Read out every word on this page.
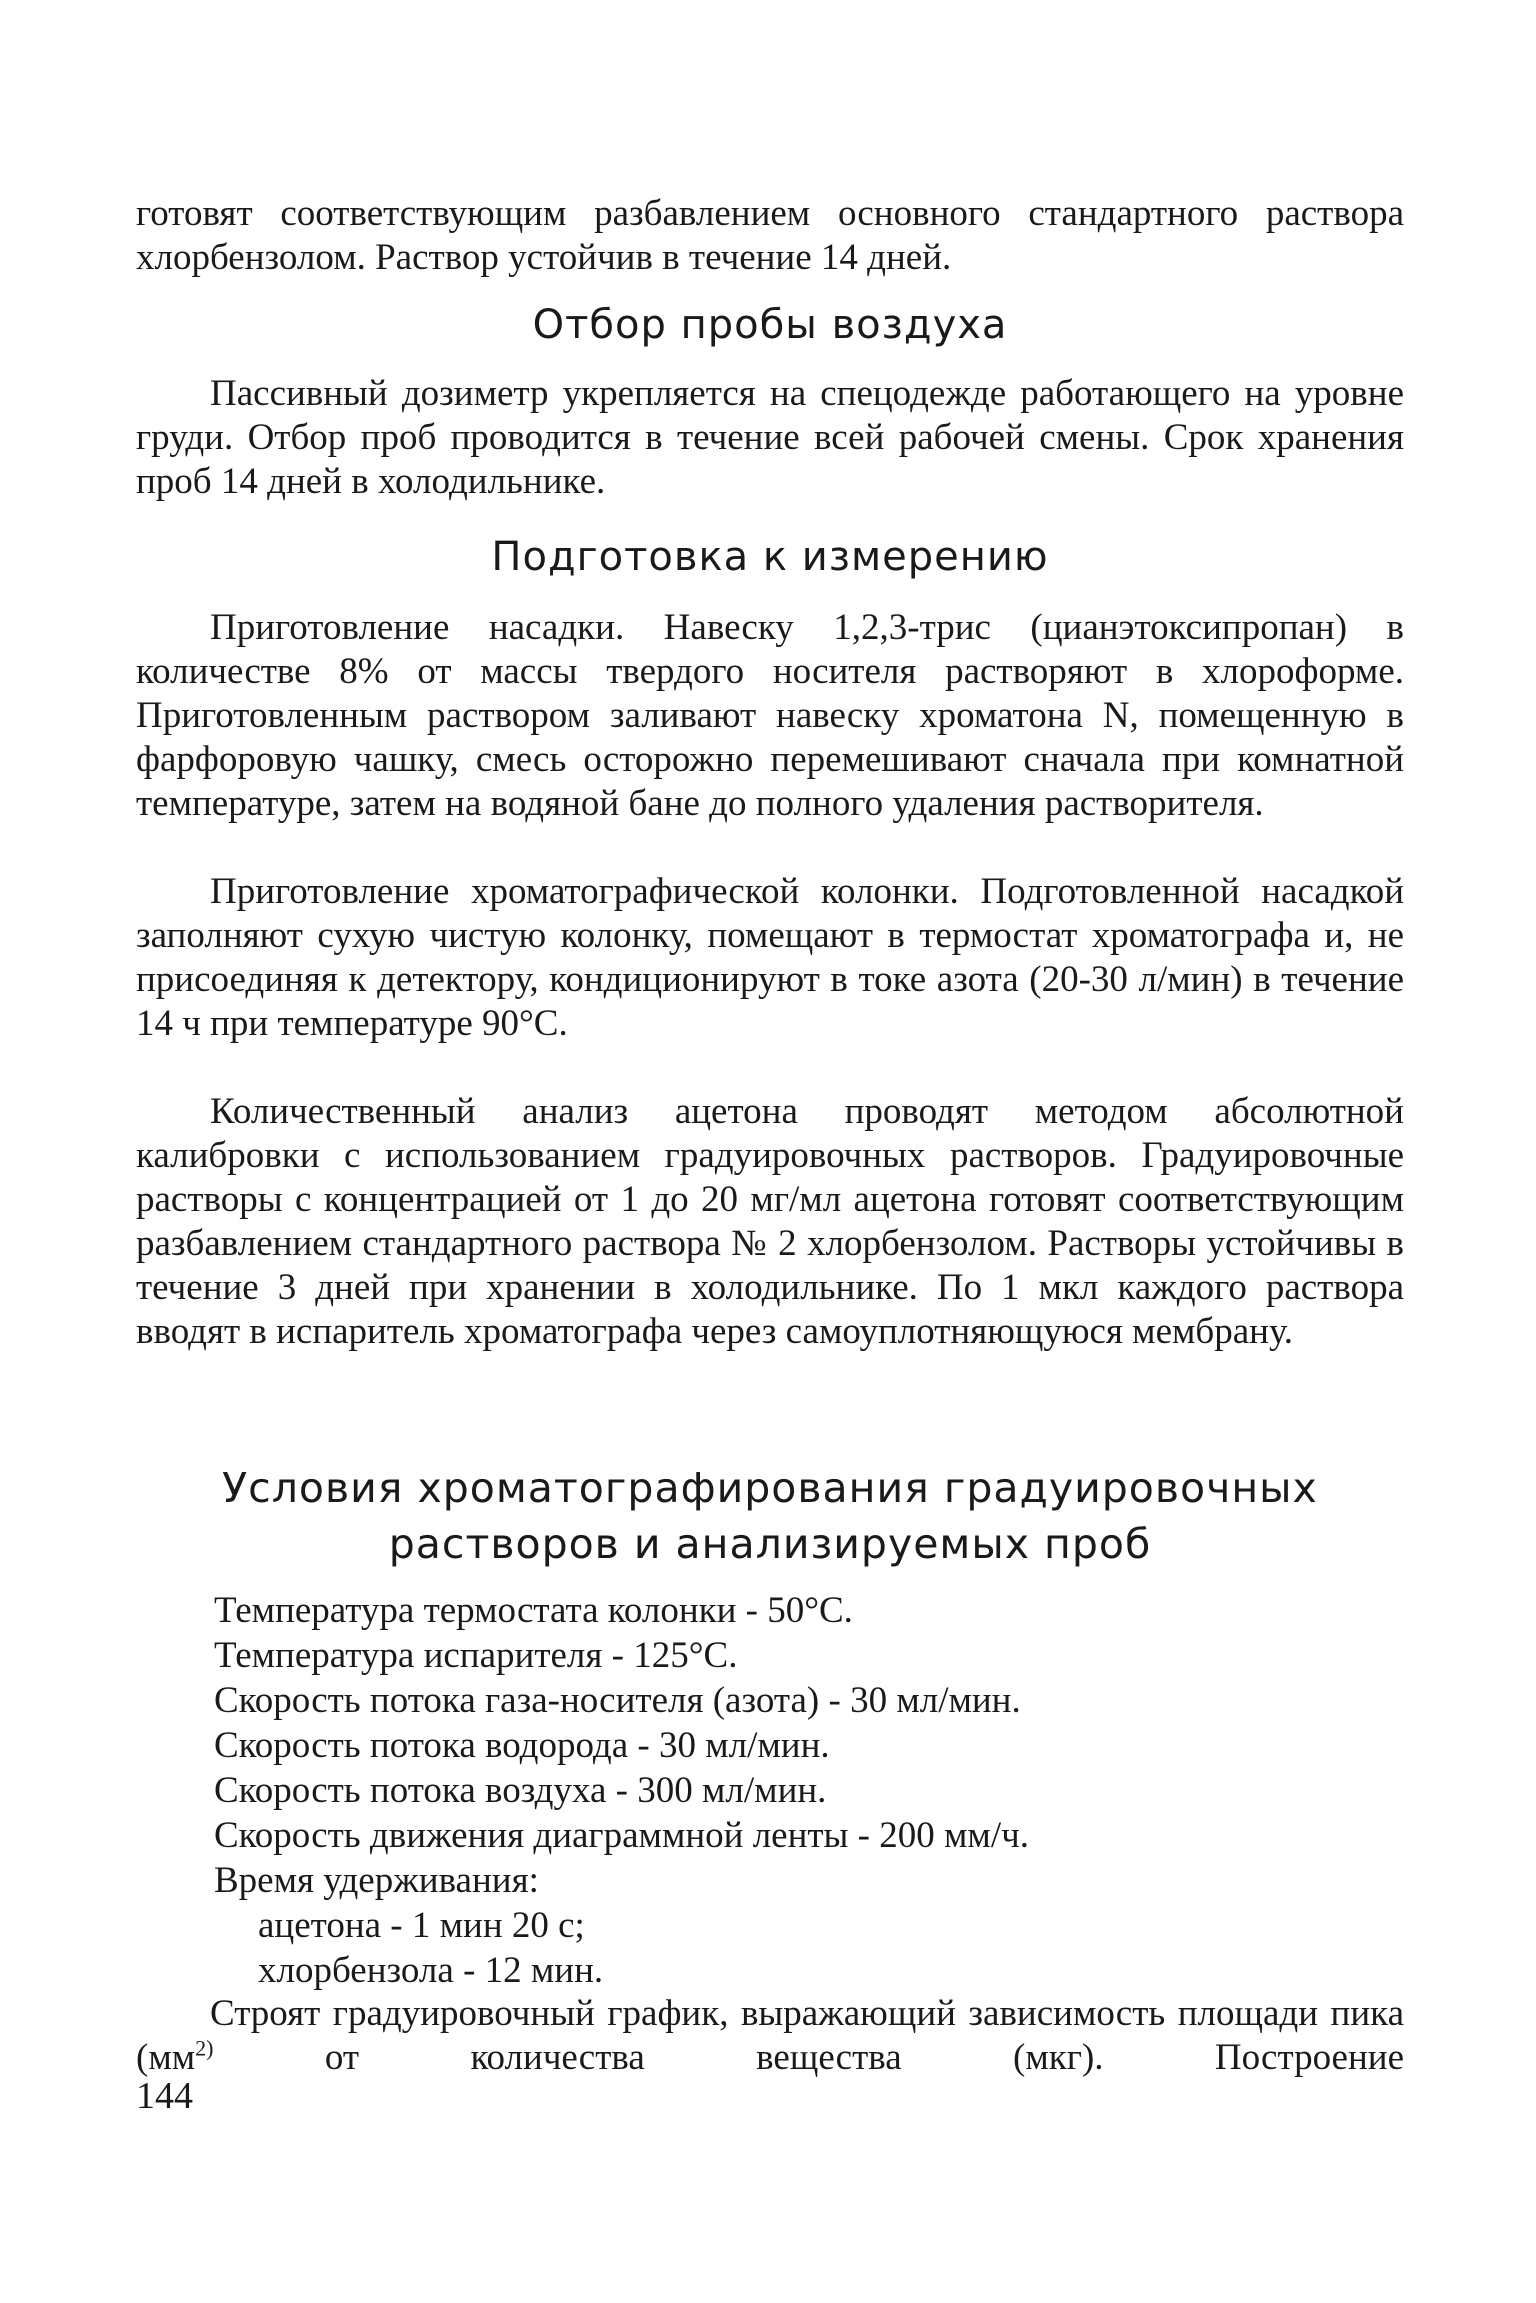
готовят соответствующим разбавлением основного стандартного раствора хлорбензолом. Раствор устойчив в течение 14 дней.

Отбор пробы воздуха

Пассивный дозиметр укрепляется на спецодежде работающего на уровне груди. Отбор проб проводится в течение всей рабочей смены. Срок хранения проб 14 дней в холодильнике.

Подготовка к измерению

Приготовление насадки. Навеску 1,2,3-трис (цианэтоксипропан) в количестве 8% от массы твердого носителя растворяют в хлороформе. Приготовленным раствором заливают навеску хроматона N, помещенную в фарфоровую чашку, смесь осторожно перемешивают сначала при комнатной температуре, затем на водяной бане до полного удаления растворителя.

Приготовление хроматографической колонки. Подготовленной насадкой заполняют сухую чистую колонку, помещают в термостат хроматографа и, не присоединяя к детектору, кондиционируют в токе азота (20-30 л/мин) в течение 14 ч при температуре 90°С.

Количественный анализ ацетона проводят методом абсолютной калибровки с использованием градуировочных растворов. Градуировочные растворы с концентрацией от 1 до 20 мг/мл ацетона готовят соответствующим разбавлением стандартного раствора № 2 хлорбензолом. Растворы устойчивы в течение 3 дней при хранении в холодильнике. По 1 мкл каждого раствора вводят в испаритель хроматографа через самоуплотняющуюся мембрану.

Условия хроматографирования градуировочных
растворов и анализируемых проб
Температура термостата колонки - 50°С.
Температура испарителя - 125°С.
Скорость потока газа-носителя (азота) - 30 мл/мин.
Скорость потока водорода - 30 мл/мин.
Скорость потока воздуха - 300 мл/мин.
Скорость движения диаграммной ленты - 200 мм/ч.
Время удерживания:
ацетона - 1 мин 20 с;
хлорбензола - 12 мин.

Строят градуировочный график, выражающий зависимость площади пика ($мм^{2)}$ от количества вещества (мкг). Построение

144
